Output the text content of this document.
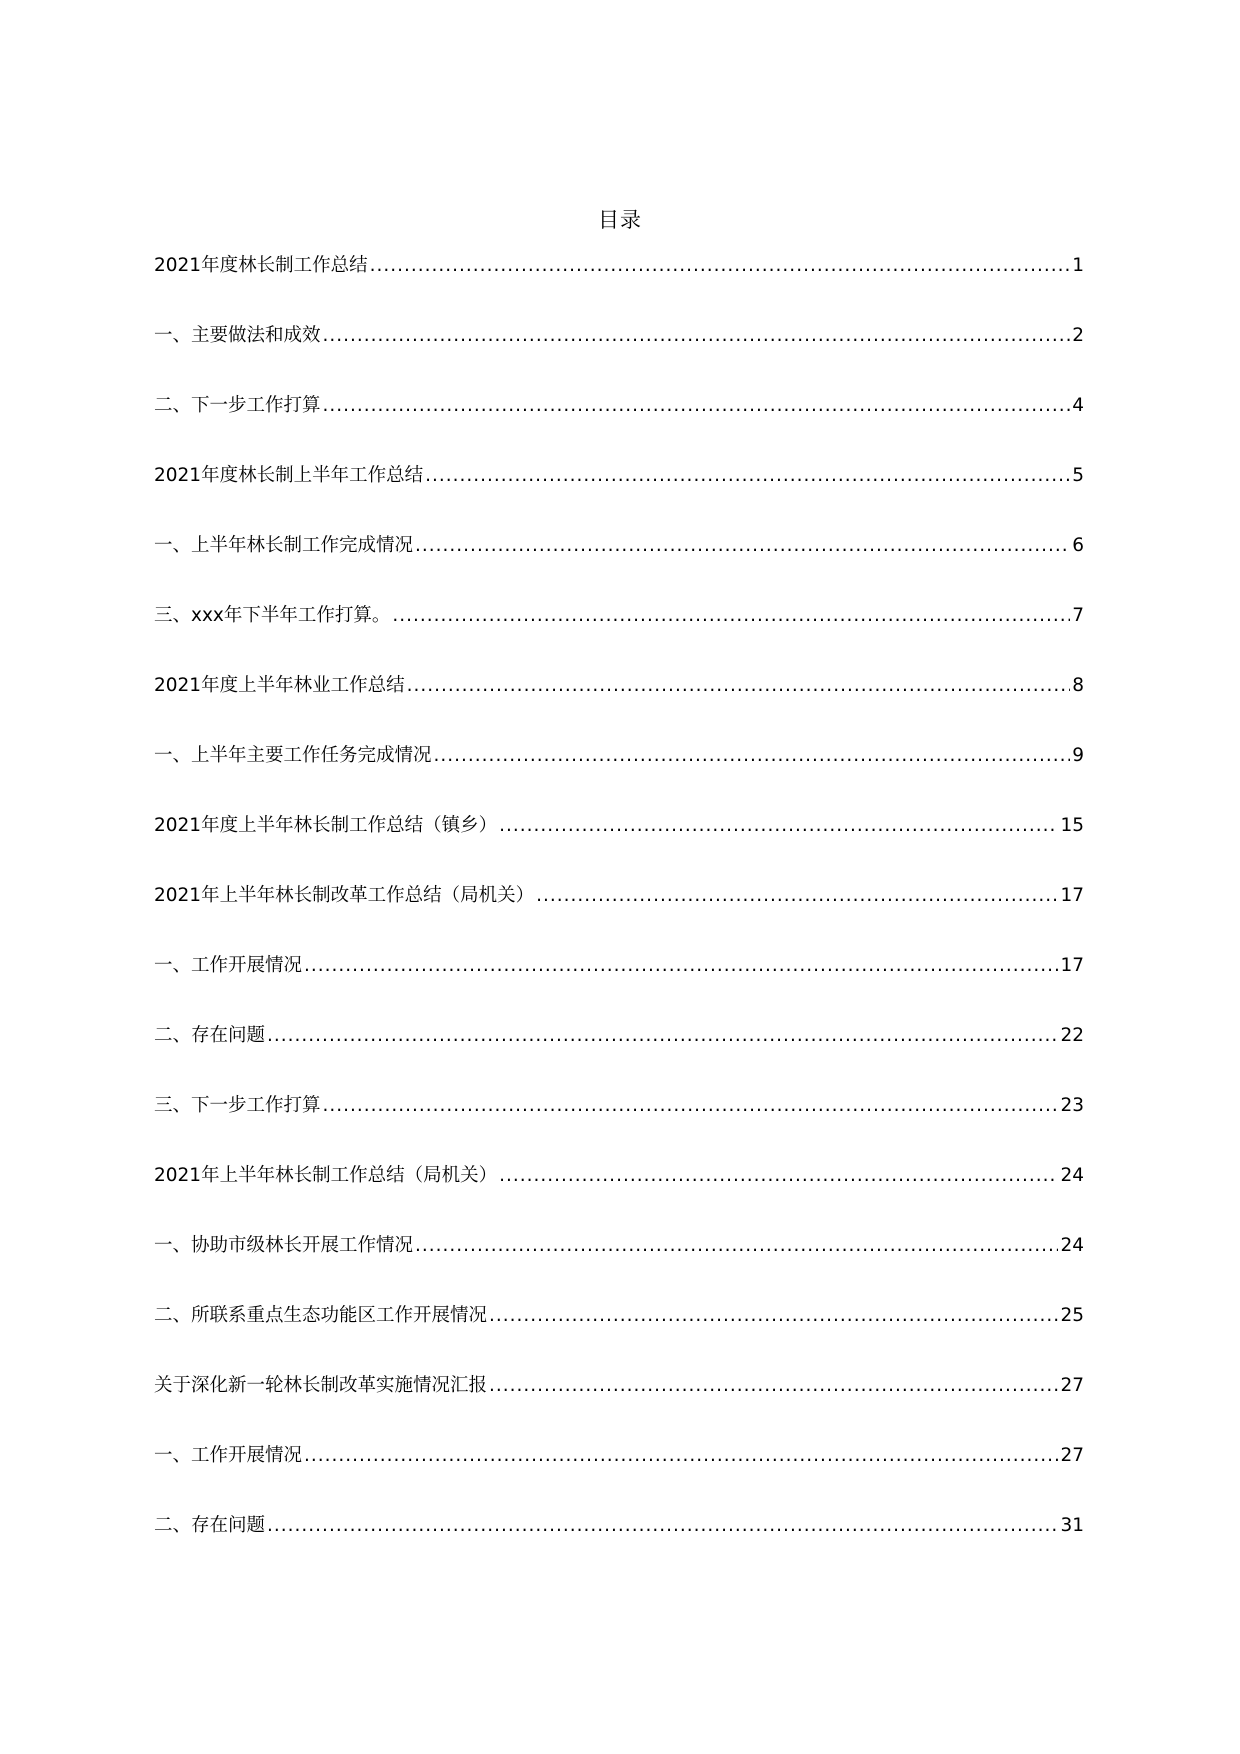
目录
2021年度林长制工作总结 .....	1
一、主要做法和成效 .....	2
二、下一步工作打算 .....	4
2021年度林长制上半年工作总结 .....	5
一、上半年林长制工作完成情况 .....	6
三、xxx年下半年工作打算。 .....	7
2021年度上半年林业工作总结 .....	8
一、上半年主要工作任务完成情况 .....	9
2021年度上半年林长制工作总结（镇乡） .....	15
2021年上半年林长制改革工作总结（局机关） .....	17
一、工作开展情况 .....	17
二、存在问题 .....	22
三、下一步工作打算 .....	23
2021年上半年林长制工作总结（局机关） .....	24
一、协助市级林长开展工作情况 .....	24
二、所联系重点生态功能区工作开展情况 .....	25
关于深化新一轮林长制改革实施情况汇报 .....	27
一、工作开展情况 .....	27
二、存在问题 .....	31
